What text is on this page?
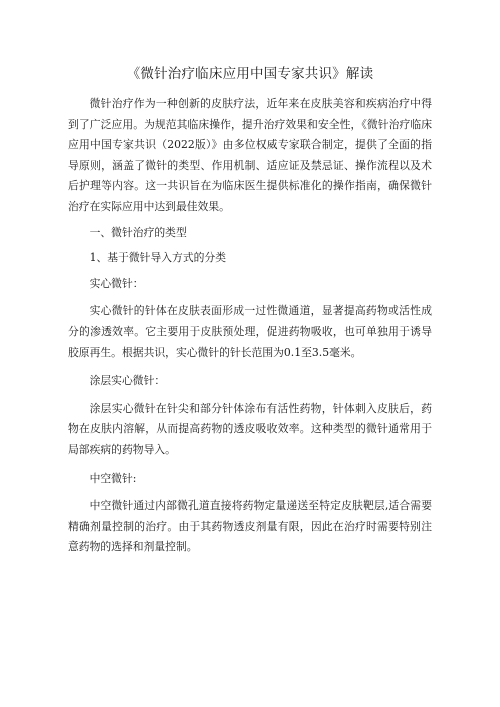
《微针治疗临床应用中国专家共识》解读

微针治疗作为一种创新的皮肤疗法，近年来在皮肤美容和疾病治疗中得到了广泛应用。为规范其临床操作，提升治疗效果和安全性，《微针治疗临床应用中国专家共识（2022版）》由多位权威专家联合制定，提供了全面的指导原则，涵盖了微针的类型、作用机制、适应证及禁忌证、操作流程以及术后护理等内容。这一共识旨在为临床医生提供标准化的操作指南，确保微针治疗在实际应用中达到最佳效果。

一、微针治疗的类型

1、基于微针导入方式的分类

实心微针：

实心微针的针体在皮肤表面形成一过性微通道，显著提高药物或活性成分的渗透效率。它主要用于皮肤预处理，促进药物吸收，也可单独用于诱导胶原再生。根据共识，实心微针的针长范围为0.1至3.5毫米。

涂层实心微针：

涂层实心微针在针尖和部分针体涂布有活性药物，针体刺入皮肤后，药物在皮肤内溶解，从而提高药物的透皮吸收效率。这种类型的微针通常用于局部疾病的药物导入。

中空微针:

中空微针通过内部微孔道直接将药物定量递送至特定皮肤靶层,适合需要精确剂量控制的治疗。由于其药物透皮剂量有限，因此在治疗时需要特别注意药物的选择和剂量控制。
